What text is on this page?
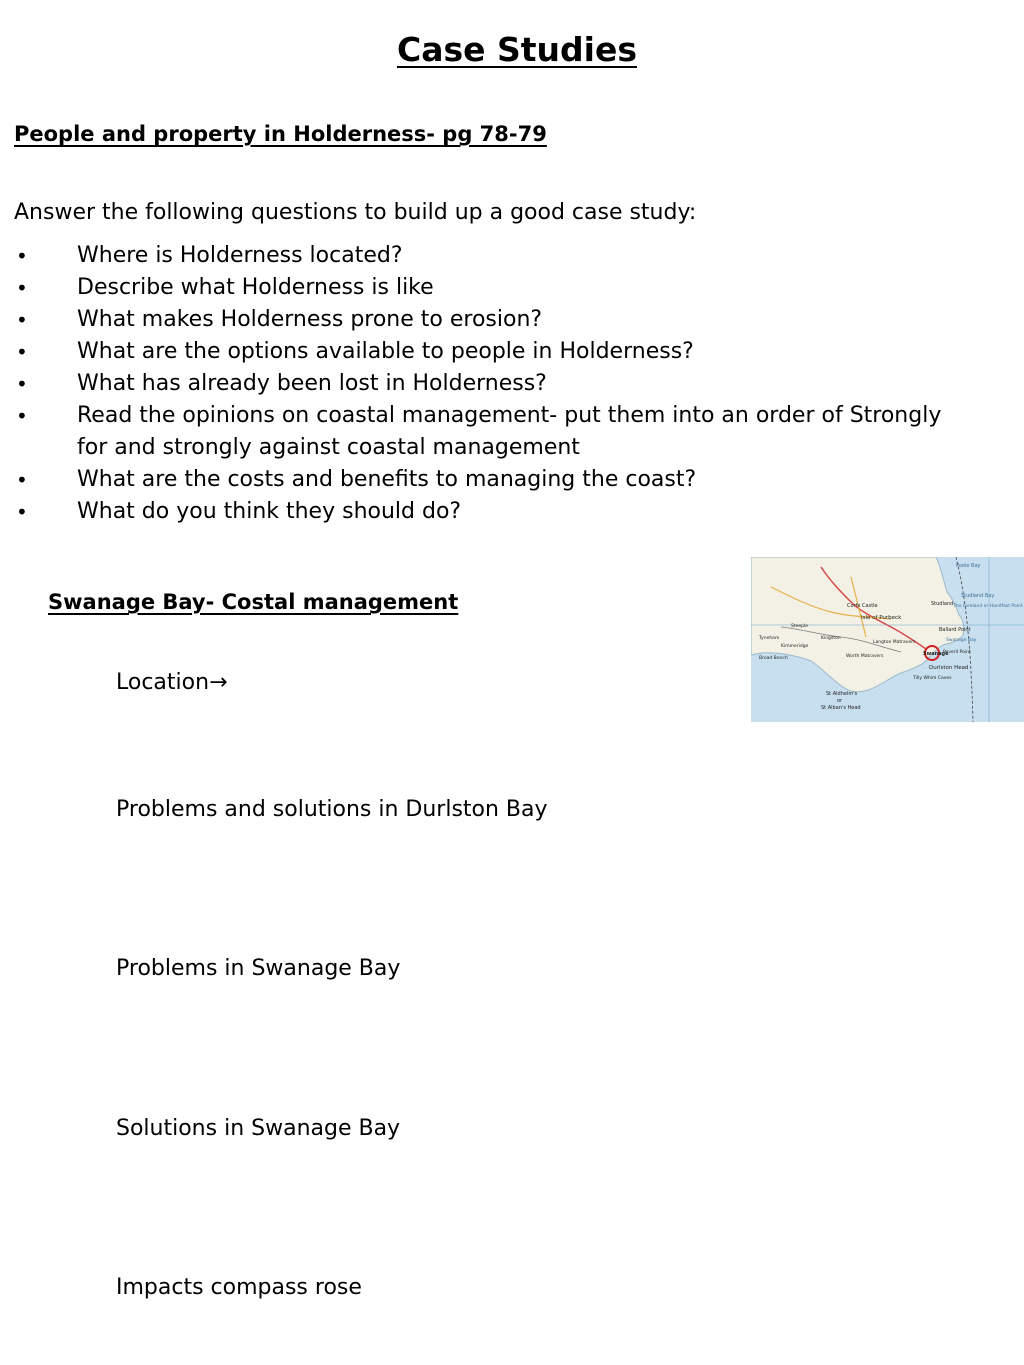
Case Studies
People and property in Holderness- pg 78-79

Answer the following questions to build up a good case study:

• Where is Holderness located?
• Describe what Holderness is like
• What makes Holderness prone to erosion?
• What are the options available to people in Holderness?
• What has already been lost in Holderness?
• Read the opinions on coastal management- put them into an order of Strongly for and strongly against coastal management
• What are the costs and benefits to managing the coast?
• What do you think they should do?
Swanage Bay- Costal management

Location→

Problems and solutions in Durlston Bay

Problems in Swanage Bay

Solutions in Swanage Bay

Impacts compass rose

Poole Bay
Studland Bay
The Foreland or Handfast Point
Studland
Ballard Point
Swanage Bay
Swanage
Peveril Point
Durlston Head
Tilly Whim Caves
Isle of Purbeck
Corfe Castle
Langton Matravers
Kingston
Worth Matravers
Steeple
Tyneham
Kimmeridge
Broad Bench
St Aldhelm's
or
St Alban's Head
